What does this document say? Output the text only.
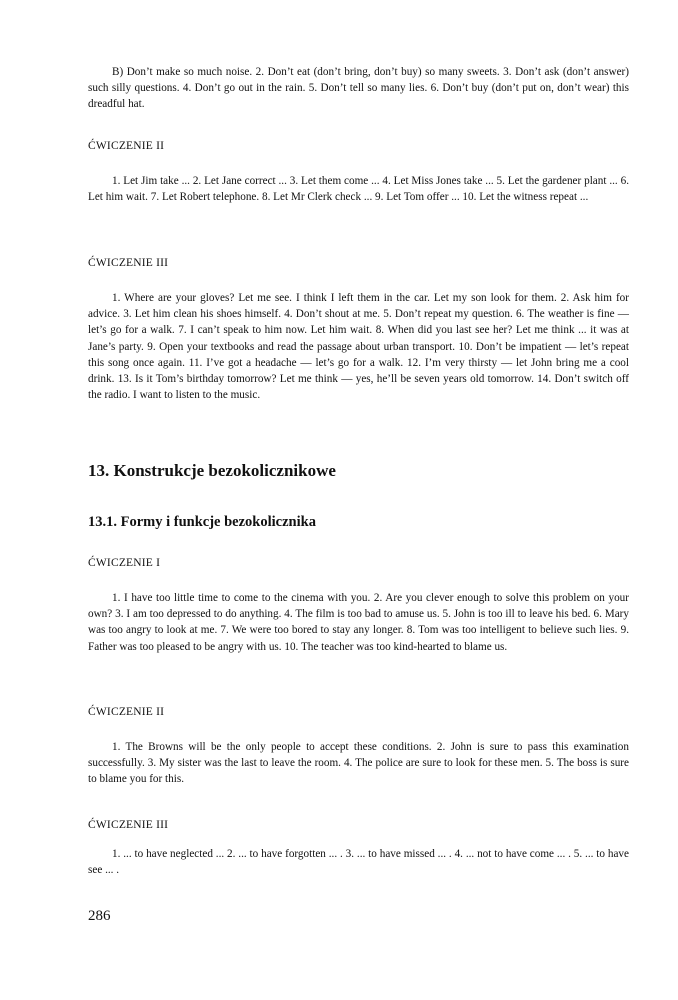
B) Don’t make so much noise. 2. Don’t eat (don’t bring, don’t buy) so many sweets. 3. Don’t ask (don’t answer) such silly questions. 4. Don’t go out in the rain. 5. Don’t tell so many lies. 6. Don’t buy (don’t put on, don’t wear) this dreadful hat.

ĆWICZENIE II

1. Let Jim take ... 2. Let Jane correct ... 3. Let them come ... 4. Let Miss Jones take ... 5. Let the gardener plant ... 6. Let him wait. 7. Let Robert telephone. 8. Let Mr Clerk check ... 9. Let Tom offer ... 10. Let the witness repeat ...

ĆWICZENIE III

1. Where are your gloves? Let me see. I think I left them in the car. Let my son look for them. 2. Ask him for advice. 3. Let him clean his shoes himself. 4. Don’t shout at me. 5. Don’t repeat my question. 6. The weather is fine — let’s go for a walk. 7. I can’t speak to him now. Let him wait. 8. When did you last see her? Let me think ... it was at Jane’s party. 9. Open your textbooks and read the passage about urban transport. 10. Don’t be impatient — let’s repeat this song once again. 11. I’ve got a headache — let’s go for a walk. 12. I’m very thirsty — let John bring me a cool drink. 13. Is it Tom’s birthday tomorrow? Let me think — yes, he’ll be seven years old tomorrow. 14. Don’t switch off the radio. I want to listen to the music.

13. Konstrukcje bezokolicznikowe
13.1. Formy i funkcje bezokolicznika

ĆWICZENIE I

1. I have too little time to come to the cinema with you. 2. Are you clever enough to solve this problem on your own? 3. I am too depressed to do anything. 4. The film is too bad to amuse us. 5. John is too ill to leave his bed. 6. Mary was too angry to look at me. 7. We were too bored to stay any longer. 8. Tom was too intelligent to believe such lies. 9. Father was too pleased to be angry with us. 10. The teacher was too kind-hearted to blame us.

ĆWICZENIE II

1. The Browns will be the only people to accept these conditions. 2. John is sure to pass this examination successfully. 3. My sister was the last to leave the room. 4. The police are sure to look for these men. 5. The boss is sure to blame you for this.

ĆWICZENIE III

1. ... to have neglected ... 2. ... to have forgotten ... . 3. ... to have missed ... . 4. ... not to have come ... . 5. ... to have see ... .

286
